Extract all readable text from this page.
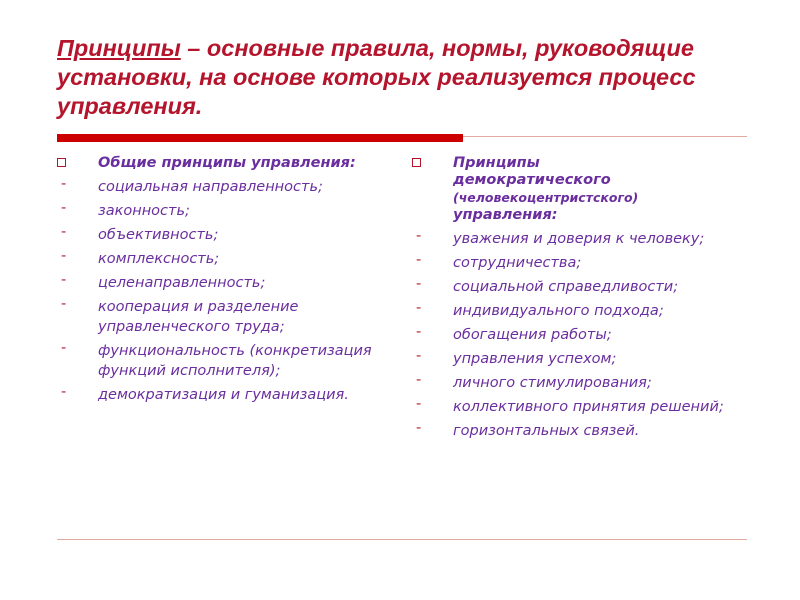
Принципы – основные правила, нормы, руководящие установки, на основе которых реализуется процесс управления.

Общие принципы управления:

- социальная направленность;
- законность;
- объективность;
- комплексность;
- целенаправленность;
- кооперация и разделение управленческого труда;
- функциональность (конкретизация функций исполнителя);
- демократизация и гуманизация.

Принципы
демократического
(человекоцентристского)
управления:

- уважения и доверия к человеку;
- сотрудничества;
- социальной справедливости;
- индивидуального подхода;
- обогащения работы;
- управления успехом;
- личного стимулирования;
- коллективного принятия решений;
- горизонтальных связей.
